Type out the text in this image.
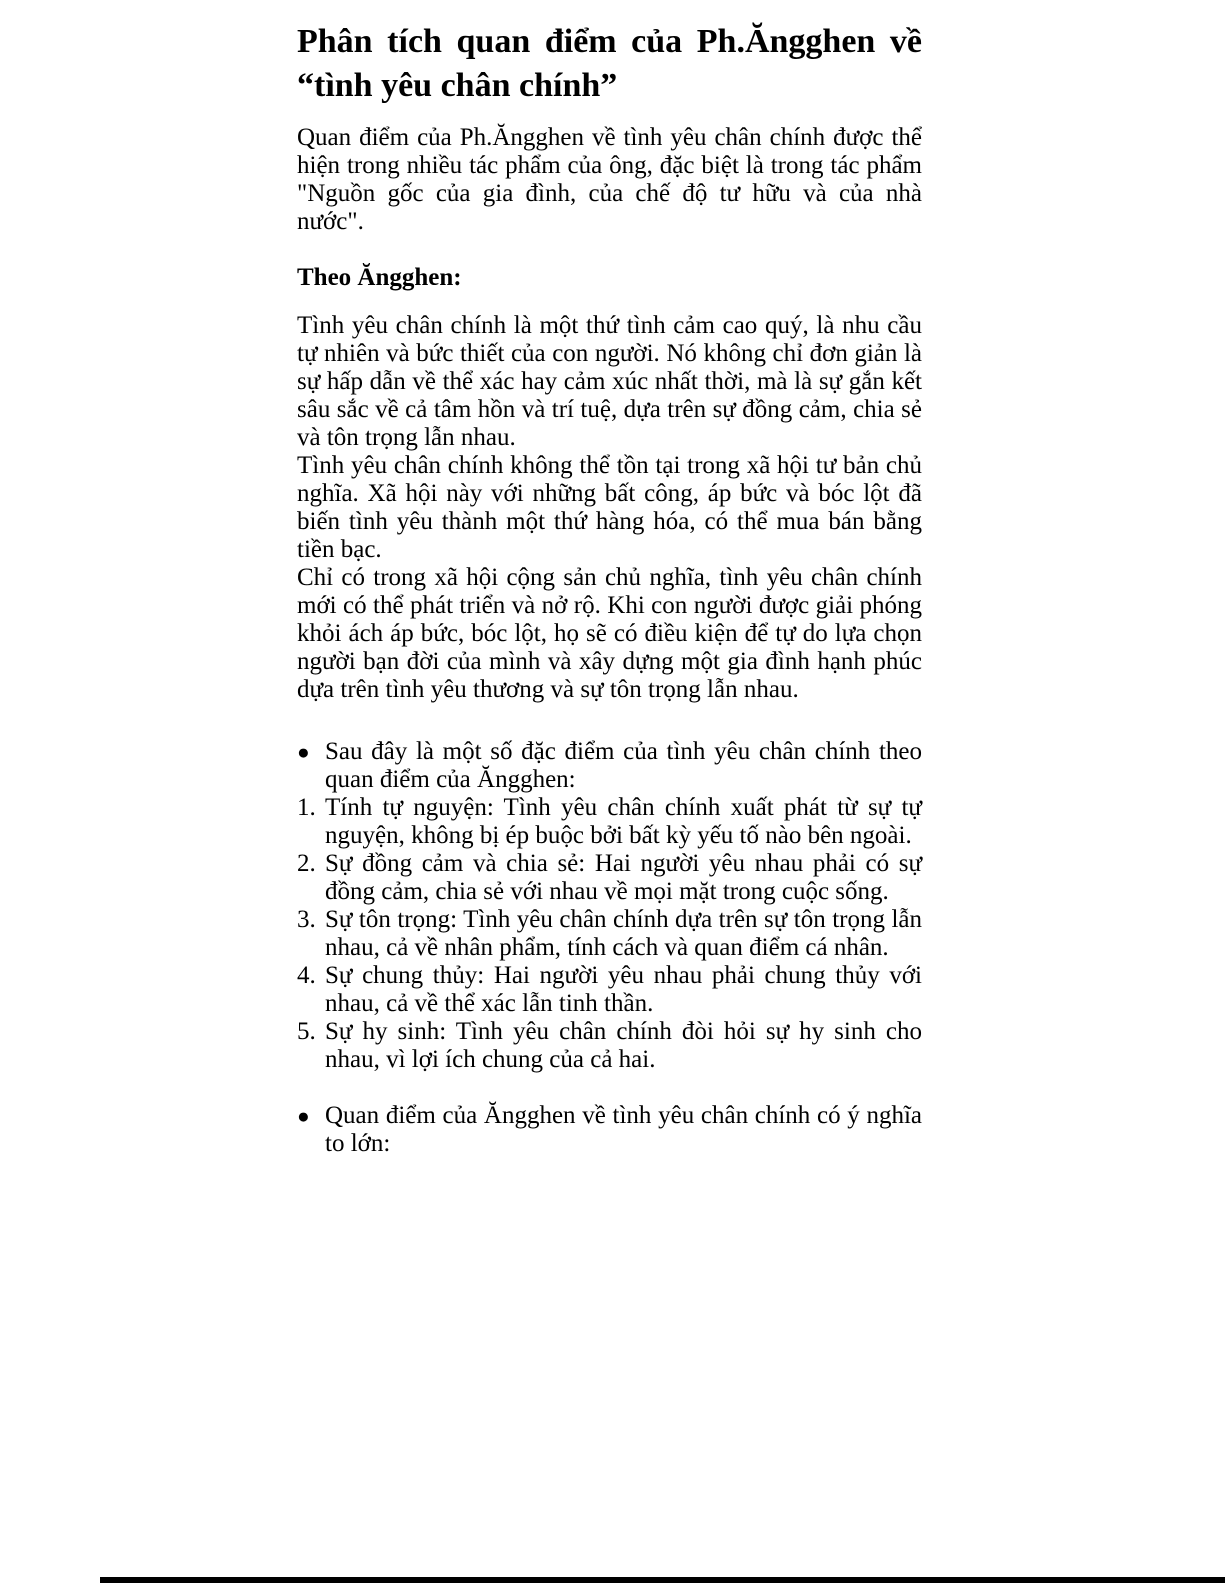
Phân tích quan điểm của Ph.Ăngghen về “tình yêu chân chính”

Quan điểm của Ph.Ăngghen về tình yêu chân chính được thể hiện trong nhiều tác phẩm của ông, đặc biệt là trong tác phẩm "Nguồn gốc của gia đình, của chế độ tư hữu và của nhà nước".

Theo Ăngghen:

Tình yêu chân chính là một thứ tình cảm cao quý, là nhu cầu tự nhiên và bức thiết của con người. Nó không chỉ đơn giản là sự hấp dẫn về thể xác hay cảm xúc nhất thời, mà là sự gắn kết sâu sắc về cả tâm hồn và trí tuệ, dựa trên sự đồng cảm, chia sẻ và tôn trọng lẫn nhau.

Tình yêu chân chính không thể tồn tại trong xã hội tư bản chủ nghĩa. Xã hội này với những bất công, áp bức và bóc lột đã biến tình yêu thành một thứ hàng hóa, có thể mua bán bằng tiền bạc.

Chỉ có trong xã hội cộng sản chủ nghĩa, tình yêu chân chính mới có thể phát triển và nở rộ. Khi con người được giải phóng khỏi ách áp bức, bóc lột, họ sẽ có điều kiện để tự do lựa chọn người bạn đời của mình và xây dựng một gia đình hạnh phúc dựa trên tình yêu thương và sự tôn trọng lẫn nhau.

● Sau đây là một số đặc điểm của tình yêu chân chính theo quan điểm của Ăngghen:
1. Tính tự nguyện: Tình yêu chân chính xuất phát từ sự tự nguyện, không bị ép buộc bởi bất kỳ yếu tố nào bên ngoài.
2. Sự đồng cảm và chia sẻ: Hai người yêu nhau phải có sự đồng cảm, chia sẻ với nhau về mọi mặt trong cuộc sống.
3. Sự tôn trọng: Tình yêu chân chính dựa trên sự tôn trọng lẫn nhau, cả về nhân phẩm, tính cách và quan điểm cá nhân.
4. Sự chung thủy: Hai người yêu nhau phải chung thủy với nhau, cả về thể xác lẫn tinh thần.
5. Sự hy sinh: Tình yêu chân chính đòi hỏi sự hy sinh cho nhau, vì lợi ích chung của cả hai.
● Quan điểm của Ăngghen về tình yêu chân chính có ý nghĩa to lớn:
